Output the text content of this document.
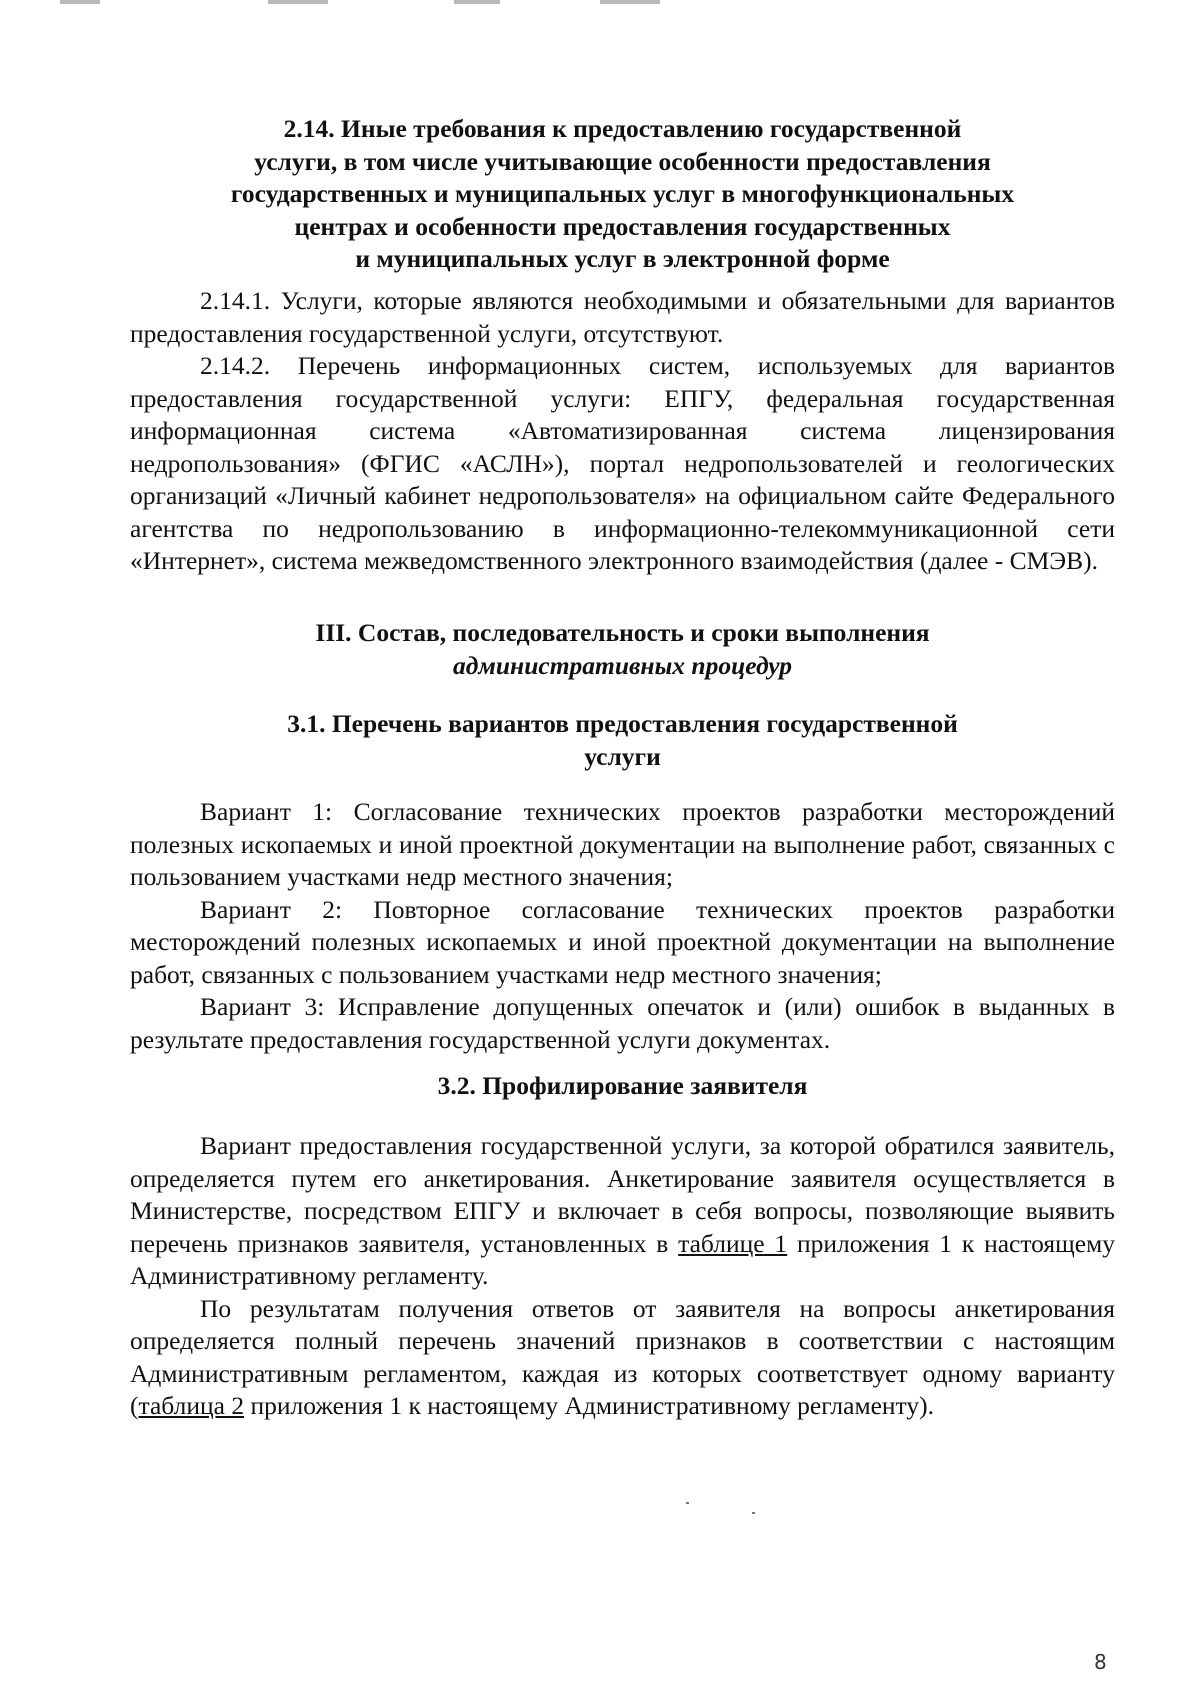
2.14. Иные требования к предоставлению государственной

услуги, в том числе учитывающие особенности предоставления

государственных и муниципальных услуг в многофункциональных

центрах и особенности предоставления государственных

и муниципальных услуг в электронной форме

2.14.1. Услуги, которые являются необходимыми и обязательными для вариантов предоставления государственной услуги, отсутствуют.

2.14.2. Перечень информационных систем, используемых для вариантов предоставления государственной услуги: ЕПГУ, федеральная государственная информационная система «Автоматизированная система лицензирования недропользования» (ФГИС «АСЛН»), портал недропользователей и геологических организаций «Личный кабинет недропользователя» на официальном сайте Федерального агентства по недропользованию в информационно-телекоммуникационной сети «Интернет», система межведомственного электронного взаимодействия (далее - СМЭВ).

III. Состав, последовательность и сроки выполнения

административных процедур

3.1. Перечень вариантов предоставления государственной

услуги

Вариант 1: Согласование технических проектов разработки месторождений полезных ископаемых и иной проектной документации на выполнение работ, связанных с пользованием участками недр местного значения;

Вариант 2: Повторное согласование технических проектов разработки месторождений полезных ископаемых и иной проектной документации на выполнение работ, связанных с пользованием участками недр местного значения;

Вариант 3: Исправление допущенных опечаток и (или) ошибок в выданных в результате предоставления государственной услуги документах.

3.2. Профилирование заявителя

Вариант предоставления государственной услуги, за которой обратился заявитель, определяется путем его анкетирования. Анкетирование заявителя осуществляется в Министерстве, посредством ЕПГУ и включает в себя вопросы, позволяющие выявить перечень признаков заявителя, установленных в таблице 1 приложения 1 к настоящему Административному регламенту.

По результатам получения ответов от заявителя на вопросы анкетирования определяется полный перечень значений признаков в соответствии с настоящим Административным регламентом, каждая из которых соответствует одному варианту (таблица 2 приложения 1 к настоящему Административному регламенту).

8
